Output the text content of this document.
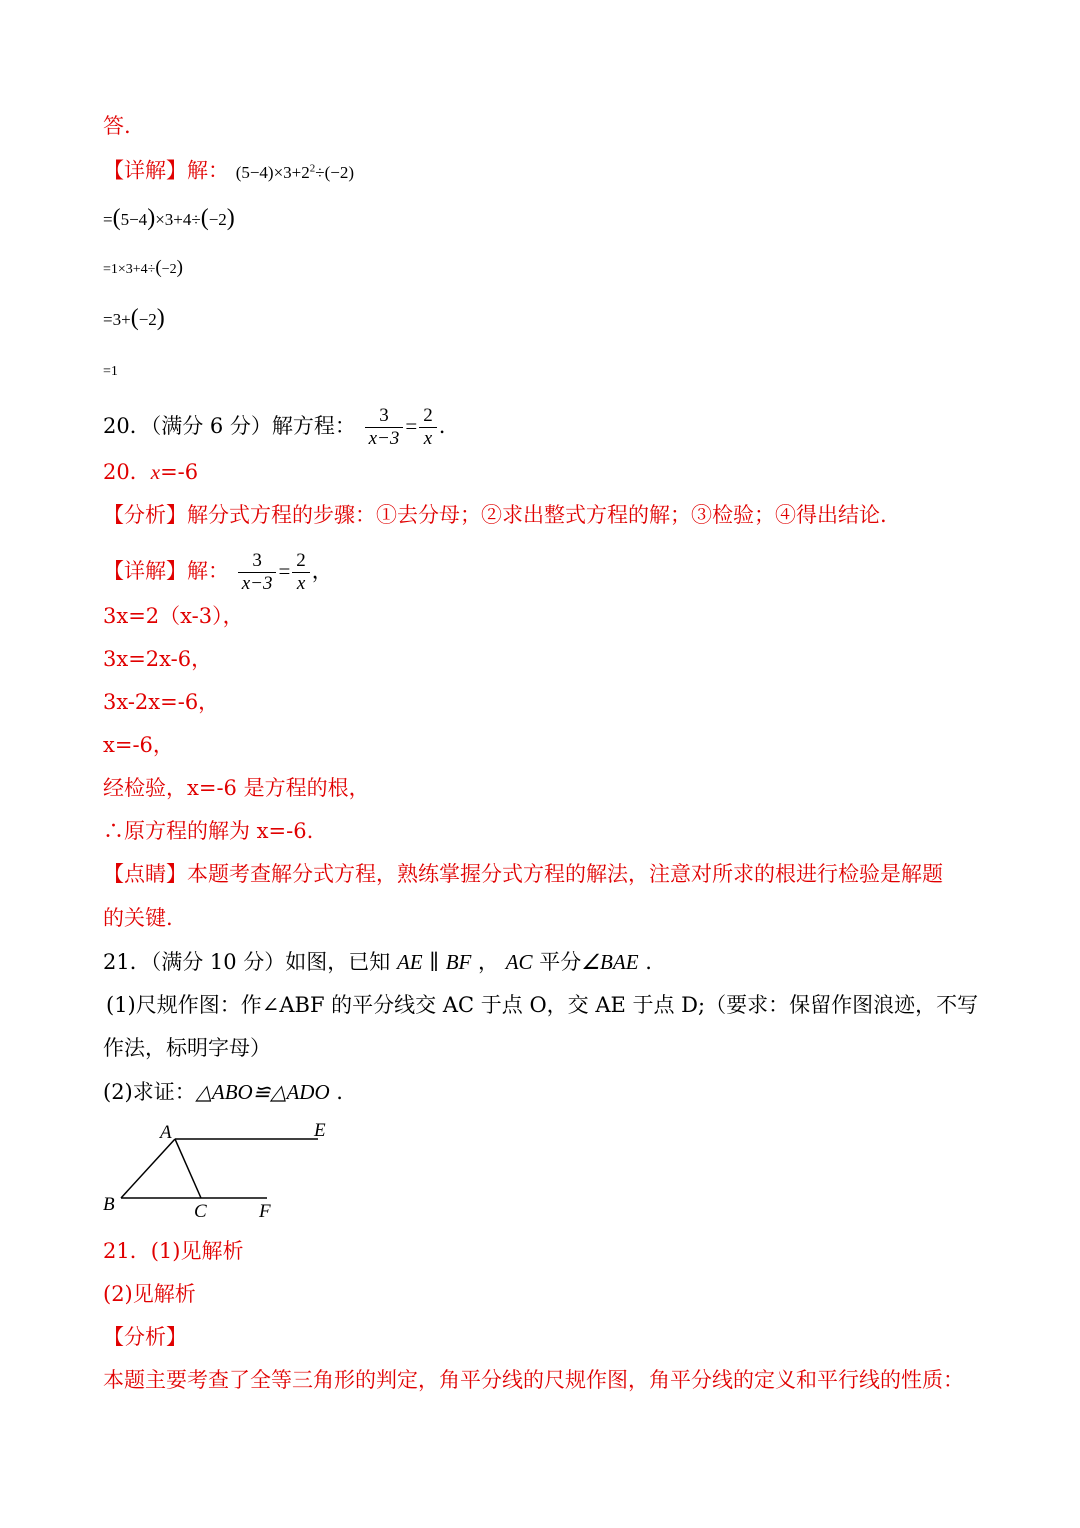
答.
【详解】解： $(5-4)\times 3+2^2\div(-2)$
=(5−4)×3+4÷(−2)
=1×3+4÷(−2)
=3+(−2)
=1
20．（满分 6 分）解方程： $\frac{3}{x-3} = \frac{2}{x}$ .
20．x=-6
【分析】解分式方程的步骤：①去分母；②求出整式方程的解；③检验；④得出结论.
【详解】解： $\frac{3}{x-3} = \frac{2}{x}$ ，
3x=2（x-3），
3x=2x-6，
3x-2x=-6，
x=-6，
经检验，x=-6 是方程的根，
∴原方程的解为 x=-6.
【点睛】本题考查解分式方程，熟练掌握分式方程的解法，注意对所求的根进行检验是解题
的关键.
21．（满分 10 分）如图，已知 AE ∥ BF ， AC 平分∠BAE .
(1)尺规作图：作∠ABF 的平分线交 AC 于点 O，交 AE 于点 D;（要求：保留作图浪迹，不写
作法，标明字母）
(2)求证：△ABO≌△ADO .
A	E
B	C	F
21．(1)见解析
(2)见解析
【分析】
本题主要考查了全等三角形的判定，角平分线的尺规作图，角平分线的定义和平行线的性质：
